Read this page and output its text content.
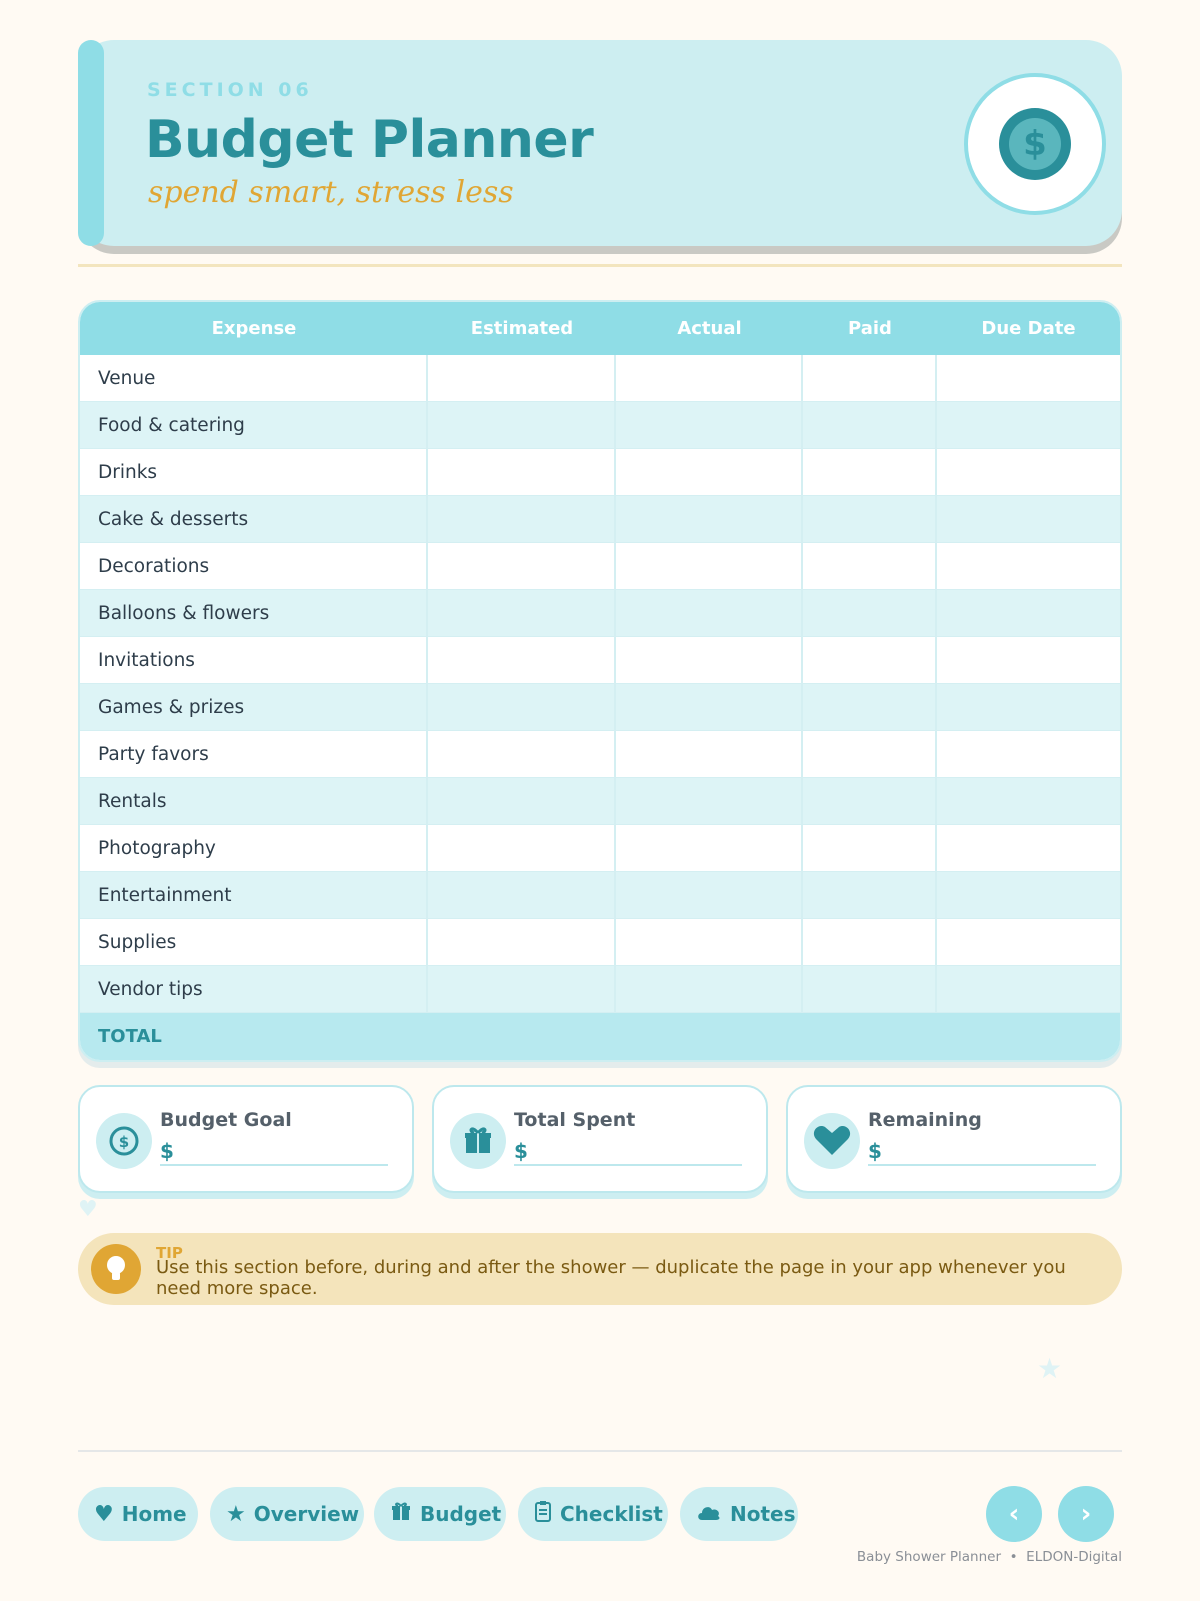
SECTION 06
Budget Planner
spend smart, stress less
$
Expense	Estimated	Actual	Paid	Due Date
Venue
Food & catering
Drinks
Cake & desserts
Decorations
Balloons & flowers
Invitations
Games & prizes
Party favors
Rentals
Photography
Entertainment
Supplies
Vendor tips
TOTAL
$
Budget Goal
$
Total Spent
$
Remaining
$
♥
TIP
Use this section before, during and after the shower — duplicate the page in your app whenever you need more space.
★
♥ Home ★ Overview	Budget	Checklist	Notes	‹	›
Baby Shower Planner • ELDON-Digital
